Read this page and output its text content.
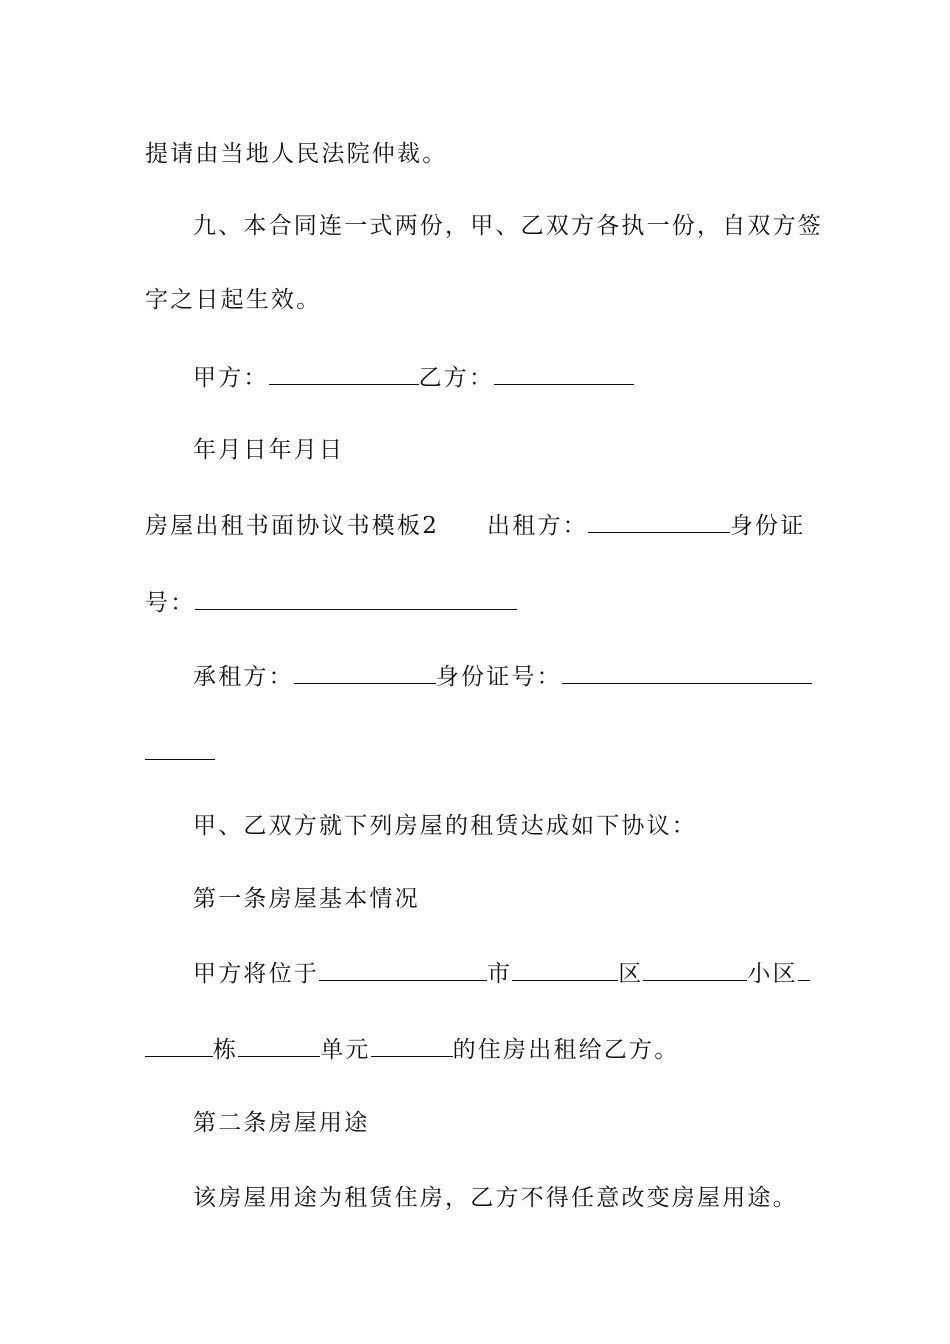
提请由当地人民法院仲裁。
九、本合同连一式两份，甲、乙双方各执一份，自双方签
字之日起生效。
甲方：	乙方：
年月日年月日
房屋出租书面协议书模板2 出租方：	身份证
号：
承租方：	身份证号：
甲、乙双方就下列房屋的租赁达成如下协议：
第一条房屋基本情况
甲方将位于	市	区	小区
栋	单元	的住房出租给乙方。
第二条房屋用途
该房屋用途为租赁住房，乙方不得任意改变房屋用途。
